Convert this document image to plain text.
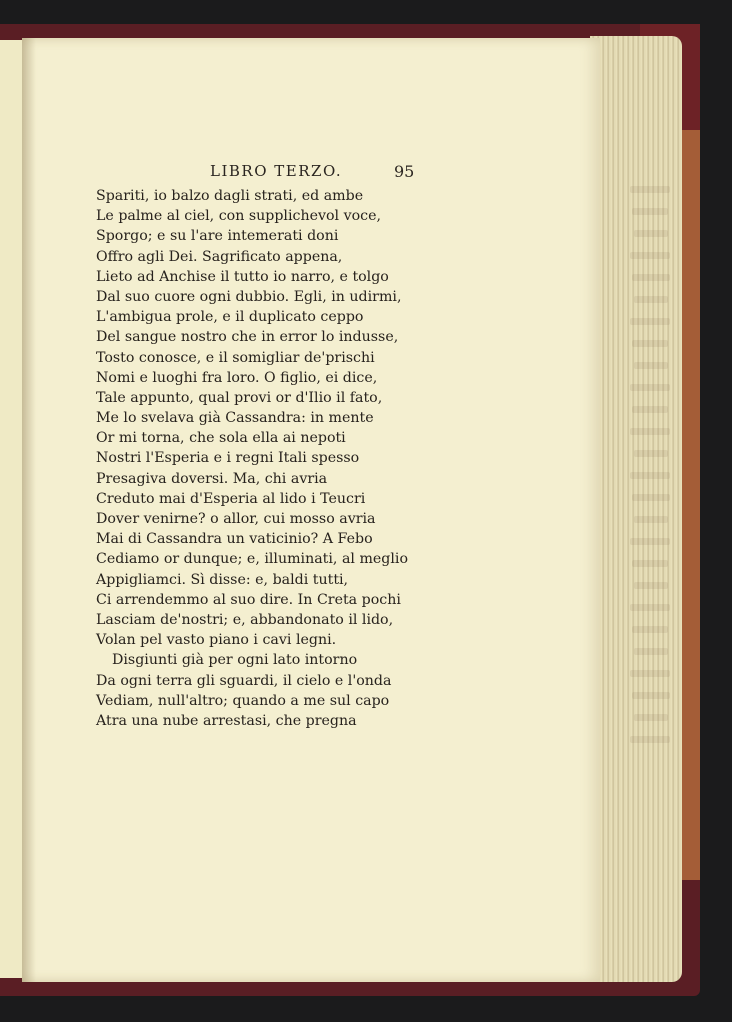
LIBRO TERZO.	95
Spariti, io balzo dagli strati, ed ambe
Le palme al ciel, con supplichevol voce,
Sporgo; e su l'are intemerati doni
Offro agli Dei. Sagrificato appena,
Lieto ad Anchise il tutto io narro, e tolgo
Dal suo cuore ogni dubbio. Egli, in udirmi,
L'ambigua prole, e il duplicato ceppo
Del sangue nostro che in error lo indusse,
Tosto conosce, e il somigliar de'prischi
Nomi e luoghi fra loro. O figlio, ei dice,
Tale appunto, qual provi or d'Ilio il fato,
Me lo svelava già Cassandra: in mente
Or mi torna, che sola ella ai nepoti
Nostri l'Esperia e i regni Itali spesso
Presagiva doversi. Ma, chi avria
Creduto mai d'Esperia al lido i Teucri
Dover venirne? o allor, cui mosso avria
Mai di Cassandra un vaticinio? A Febo
Cediamo or dunque; e, illuminati, al meglio
Appigliamci. Sì disse: e, baldi tutti,
Ci arrendemmo al suo dire. In Creta pochi
Lasciam de'nostri; e, abbandonato il lido,
Volan pel vasto piano i cavi legni.
Disgiunti già per ogni lato intorno
Da ogni terra gli sguardi, il cielo e l'onda
Vediam, null'altro; quando a me sul capo
Atra una nube arrestasi, che pregna
